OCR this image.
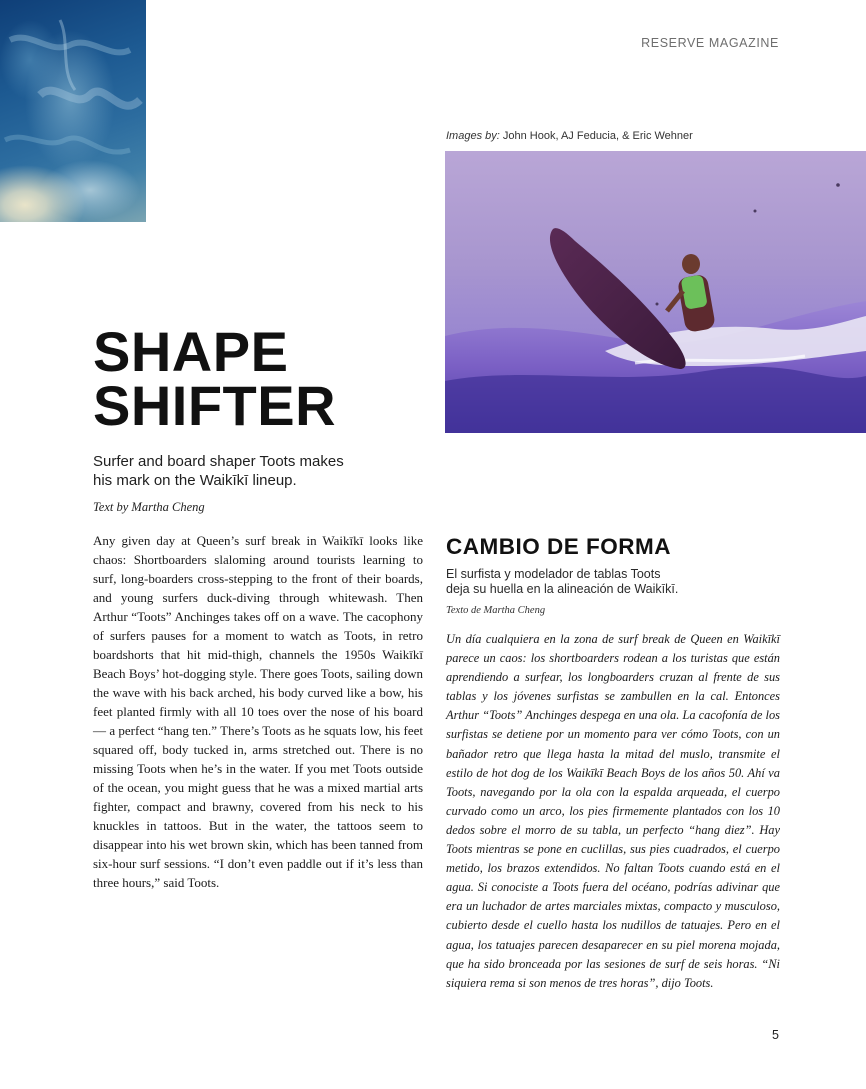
RESERVE MAGAZINE
Images by: John Hook, AJ Feducia, & Eric Wehner
SHAPE
SHIFTER
Surfer and board shaper Toots makes
his mark on the Waikīkī lineup.
Text by Martha Cheng
Any given day at Queen’s surf break in Waikīkī looks like chaos: Shortboarders slaloming around tourists learning to surf, long-boarders cross-stepping to the front of their boards, and young surfers duck-diving through whitewash. Then Arthur “Toots” Anchinges takes off on a wave. The cacophony of surfers pauses for a moment to watch as Toots, in retro boardshorts that hit mid-thigh, channels the 1950s Waikīkī Beach Boys’ hot-dogging style. There goes Toots, sailing down the wave with his back arched, his body curved like a bow, his feet planted firmly with all 10 toes over the nose of his board — a perfect “hang ten.” There’s Toots as he squats low, his feet squared off, body tucked in, arms stretched out. There is no missing Toots when he’s in the water. If you met Toots outside of the ocean, you might guess that he was a mixed martial arts fighter, compact and brawny, covered from his neck to his knuckles in tattoos. But in the water, the tattoos seem to disappear into his wet brown skin, which has been tanned from six-hour surf sessions. “I don’t even paddle out if it’s less than three hours,” said Toots.
CAMBIO DE FORMA
El surfista y modelador de tablas Toots
deja su huella en la alineación de Waikīkī.
Texto de Martha Cheng
Un día cualquiera en la zona de surf break de Queen en Waikīkī parece un caos: los shortboarders rodean a los turistas que están aprendiendo a surfear, los longboarders cruzan al frente de sus tablas y los jóvenes surfistas se zambullen en la cal. Entonces Arthur “Toots” Anchinges despega en una ola. La cacofonía de los surfistas se detiene por un momento para ver cómo Toots, con un bañador retro que llega hasta la mitad del muslo, transmite el estilo de hot dog de los Waikīkī Beach Boys de los años 50. Ahí va Toots, navegando por la ola con la espalda arqueada, el cuerpo curvado como un arco, los pies firmemente plantados con los 10 dedos sobre el morro de su tabla, un perfecto “hang diez”. Hay Toots mientras se pone en cuclillas, sus pies cuadrados, el cuerpo metido, los brazos extendidos. No faltan Toots cuando está en el agua. Si conociste a Toots fuera del océano, podrías adivinar que era un luchador de artes marciales mixtas, compacto y musculoso, cubierto desde el cuello hasta los nudillos de tatuajes. Pero en el agua, los tatuajes parecen desaparecer en su piel morena mojada, que ha sido bronceada por las sesiones de surf de seis horas. “Ni siquiera rema si son menos de tres horas”, dijo Toots.
5
